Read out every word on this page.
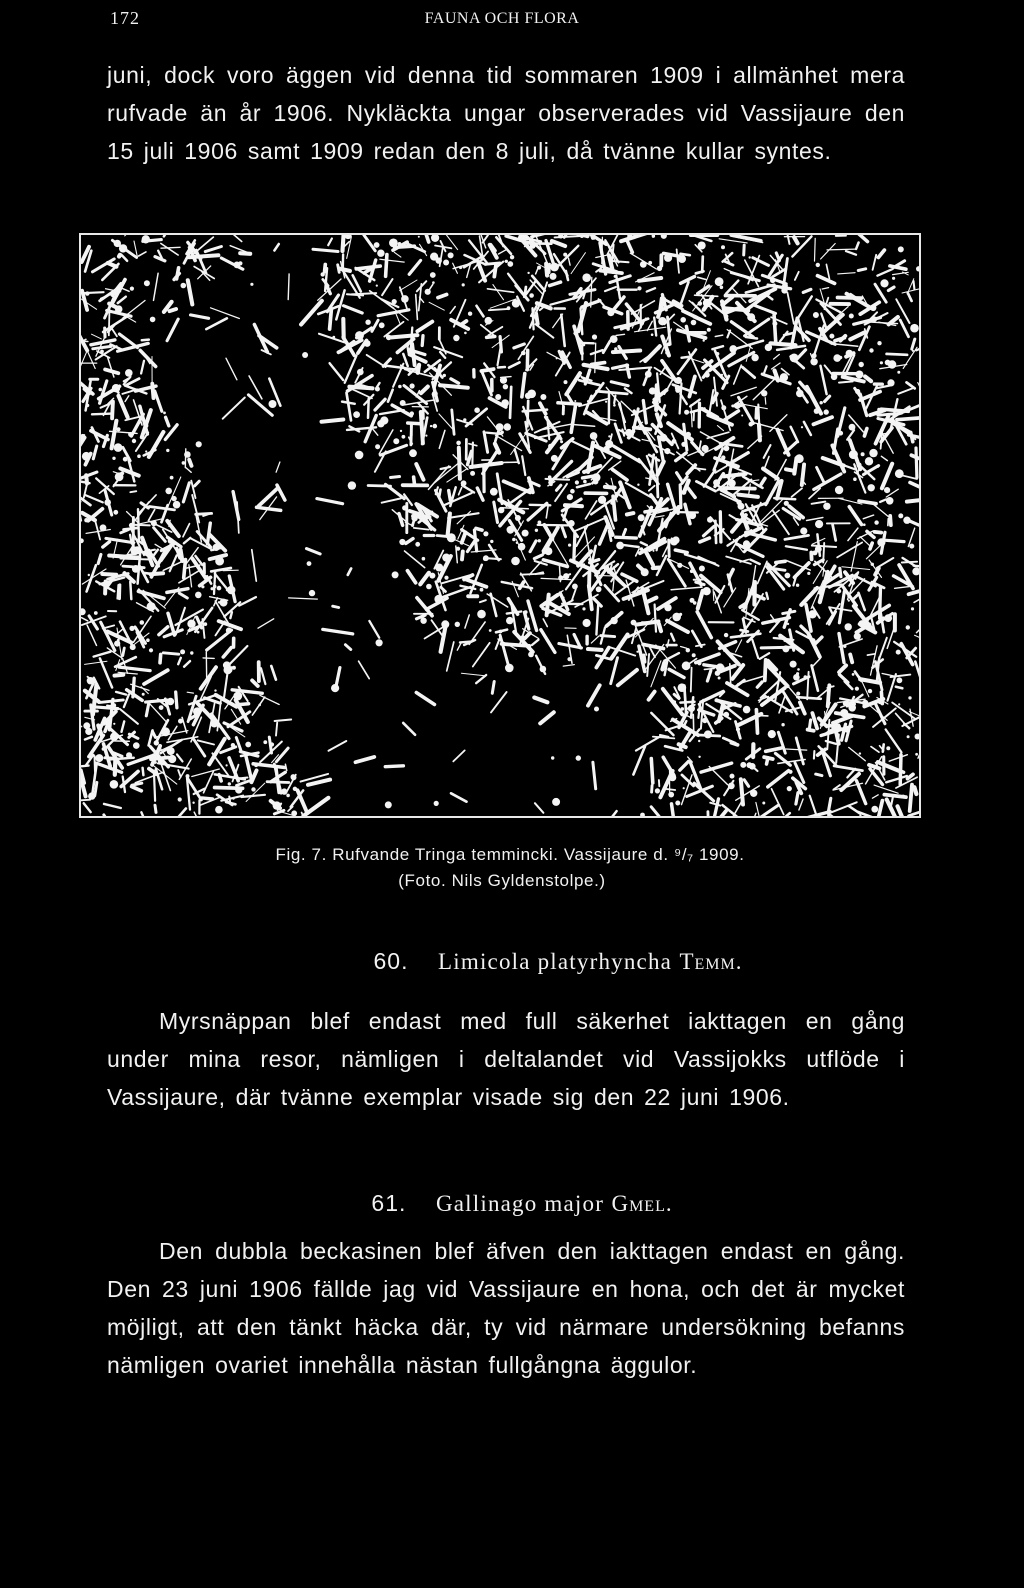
172	FAUNA OCH FLORA
juni, dock voro äggen vid denna tid sommaren 1909 i allmänhet mera rufvade än år 1906. Nykläckta ungar observerades vid Vassijaure den 15 juli 1906 samt 1909 redan den 8 juli, då tvänne kullar syntes.
Fig. 7. Rufvande Tringa temmincki. Vassijaure d. ⁹/₇ 1909.
(Foto. Nils Gyldenstolpe.)
60. Limicola platyrhyncha Temm.
Myrsnäppan blef endast med full säkerhet iakttagen en gång under mina resor, nämligen i deltalandet vid Vassijokks utflöde i Vassijaure, där tvänne exemplar visade sig den 22 juni 1906.
61. Gallinago major Gmel.
Den dubbla beckasinen blef äfven den iakttagen endast en gång. Den 23 juni 1906 fällde jag vid Vassijaure en hona, och det är mycket möjligt, att den tänkt häcka där, ty vid närmare undersökning befanns nämligen ovariet innehålla nästan fullgångna äggulor.
